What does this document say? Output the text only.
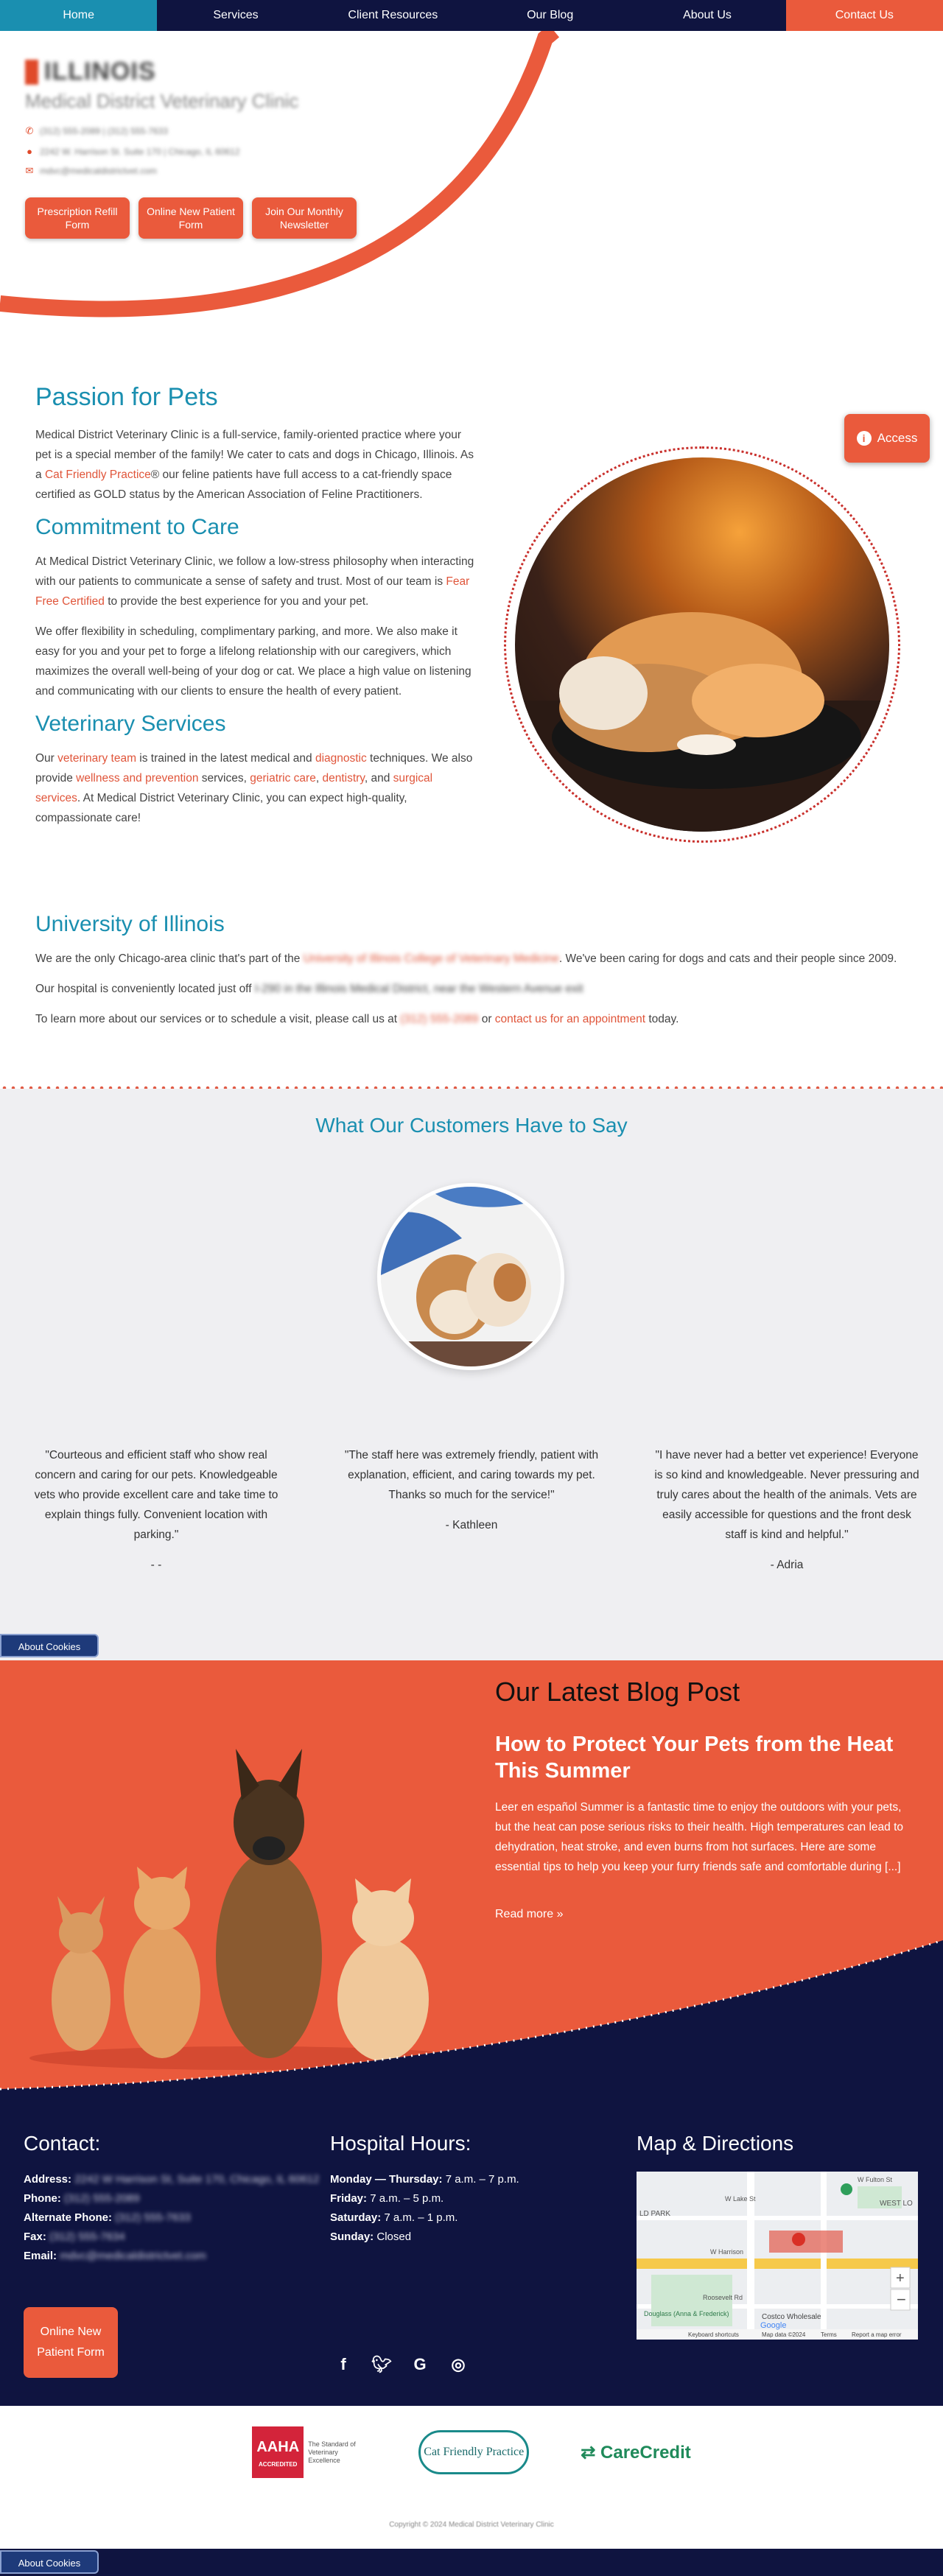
Home	Services	Client Resources	Our Blog	About Us	Contact Us
ILLINOIS
Medical District Veterinary Clinic
✆ (312) 555-2089 | (312) 555-7633
● 2242 W. Harrison St. Suite 170 | Chicago, IL 60612
✉ mdvc@medicaldistrictvet.com
Prescription Refill Form
Online New Patient Form
Join Our Monthly Newsletter
i Access
Passion for Pets

Medical District Veterinary Clinic is a full-service, family-oriented practice where your pet is a special member of the family! We cater to cats and dogs in Chicago, Illinois. As a Cat Friendly Practice® our feline patients have full access to a cat-friendly space certified as GOLD status by the American Association of Feline Practitioners.

Commitment to Care

At Medical District Veterinary Clinic, we follow a low-stress philosophy when interacting with our patients to communicate a sense of safety and trust. Most of our team is Fear Free Certified to provide the best experience for you and your pet.

We offer flexibility in scheduling, complimentary parking, and more. We also make it easy for you and your pet to forge a lifelong relationship with our caregivers, which maximizes the overall well-being of your dog or cat. We place a high value on listening and communicating with our clients to ensure the health of every patient.

Veterinary Services

Our veterinary team is trained in the latest medical and diagnostic techniques. We also provide wellness and prevention services, geriatric care, dentistry, and surgical services. At Medical District Veterinary Clinic, you can expect high-quality, compassionate care!

University of Illinois

We are the only Chicago-area clinic that's part of the University of Illinois College of Veterinary Medicine. We've been caring for dogs and cats and their people since 2009.

Our hospital is conveniently located just off I-290 in the Illinois Medical District, near the Western Avenue exit

To learn more about our services or to schedule a visit, please call us at (312) 555-2089 or contact us for an appointment today.

What Our Customers Have to Say
"Courteous and efficient staff who show real concern and caring for our pets. Knowledgeable vets who provide excellent care and take time to explain things fully. Convenient location with parking."
- -
"The staff here was extremely friendly, patient with explanation, efficient, and caring towards my pet. Thanks so much for the service!"
- Kathleen
"I have never had a better vet experience! Everyone is so kind and knowledgeable. Never pressuring and truly cares about the health of the animals. Vets are easily accessible for questions and the front desk staff is kind and helpful."
- Adria
About Cookies
Our Latest Blog Post
How to Protect Your Pets from the Heat This Summer

Leer en español Summer is a fantastic time to enjoy the outdoors with your pets, but the heat can pose serious risks to their health. High temperatures can lead to dehydration, heat stroke, and even burns from hot surfaces. Here are some essential tips to help you keep your furry friends safe and comfortable during [...]

Read more »
Contact:
Address: 2242 W Harrison St, Suite 170, Chicago, IL 60612
Phone: (312) 555-2089
Alternate Phone: (312) 555-7633
Fax: (312) 555-7634
Email: mdvc@medicaldistrictvet.com
Online New Patient Form
Hospital Hours:
Monday — Thursday: 7 a.m. – 7 p.m.
Friday: 7 a.m. – 5 p.m.
Saturday: 7 a.m. – 1 p.m.
Sunday: Closed
Map & Directions
+
−
W Fulton St
WEST LO
LD PARK
W Lake St
W Harrison
Roosevelt Rd
Douglass (Anna & Frederick)	Costco Wholesale
Google
Keyboard shortcuts	Map data ©2024	Terms	Report a map error
f	🐦︎ G ◎
AAHA
ACCREDITED
The Standard of Veterinary Excellence
Cat Friendly Practice	⇄ CareCredit
Copyright © 2024 Medical District Veterinary Clinic
About Cookies
